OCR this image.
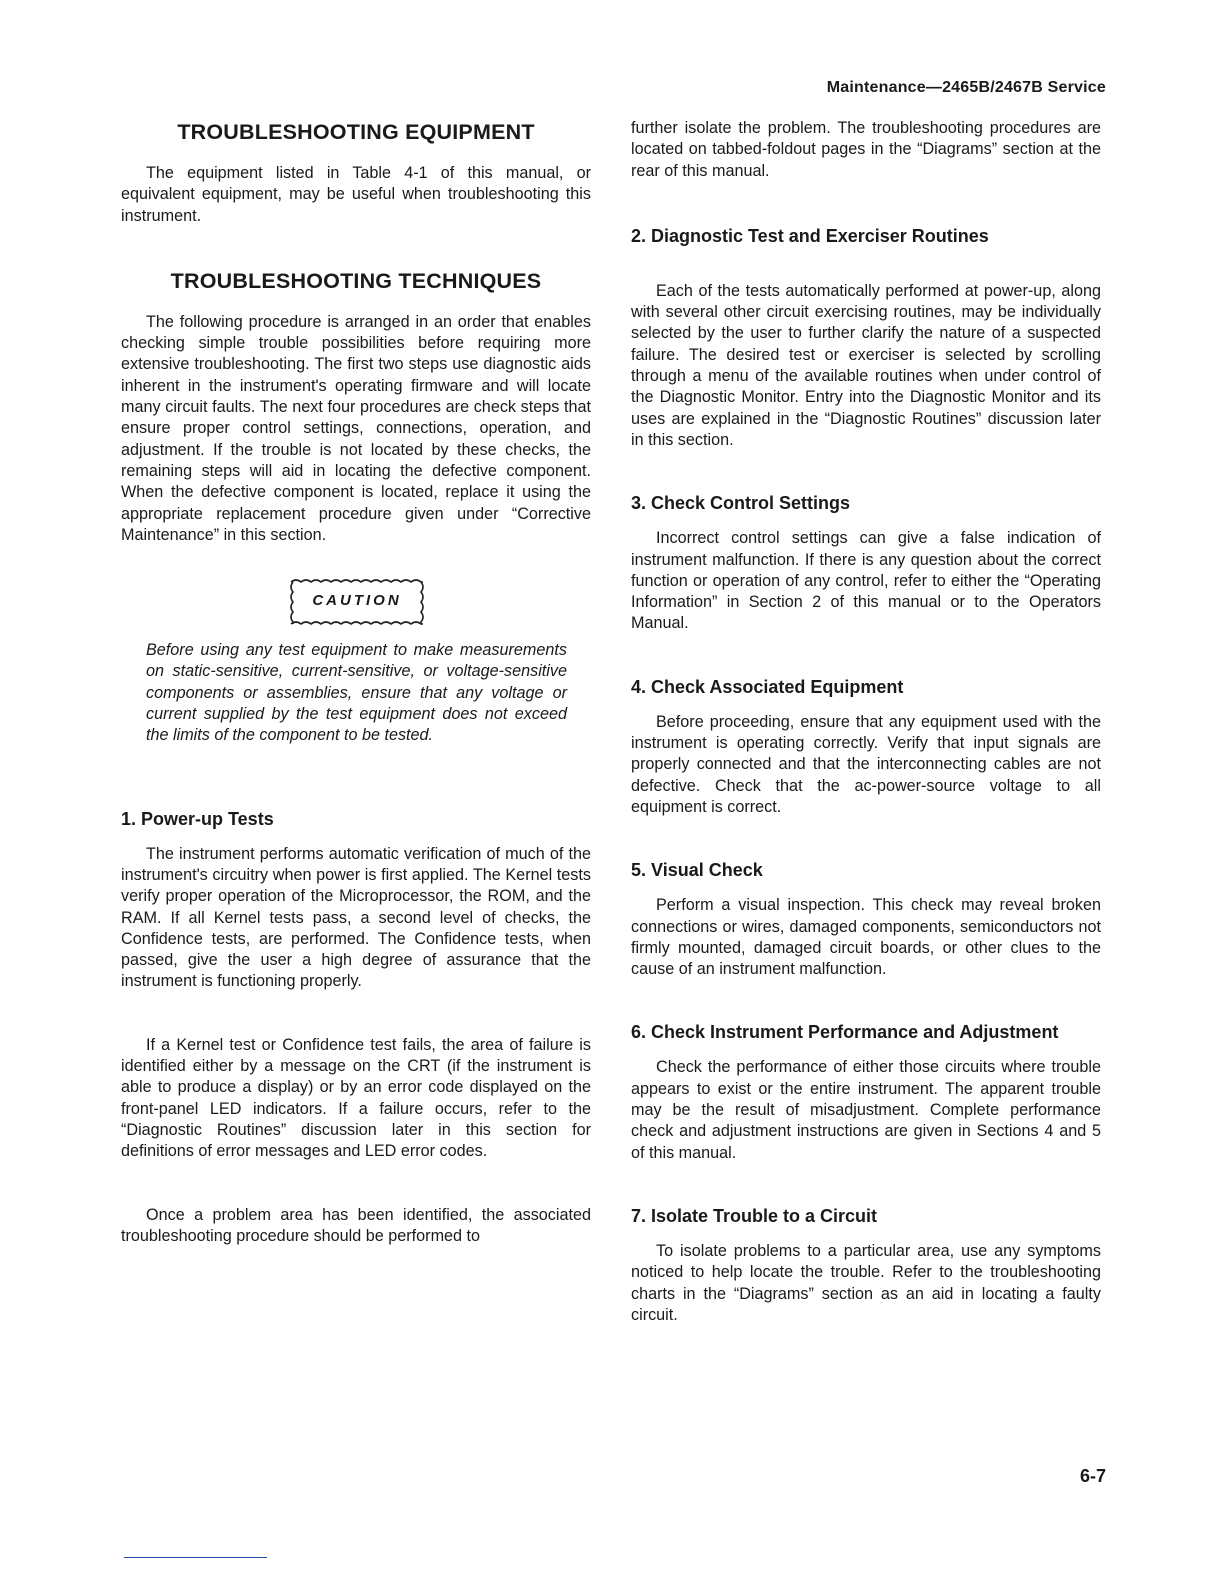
Maintenance—2465B/2467B Service
TROUBLESHOOTING EQUIPMENT

The equipment listed in Table 4-1 of this manual, or equivalent equipment, may be useful when troubleshooting this instrument.

TROUBLESHOOTING TECHNIQUES

The following procedure is arranged in an order that enables checking simple trouble possibilities before requiring more extensive troubleshooting. The first two steps use diagnostic aids inherent in the instrument's operating firmware and will locate many circuit faults. The next four procedures are check steps that ensure proper control settings, connections, operation, and adjustment. If the trouble is not located by these checks, the remaining steps will aid in locating the defective component. When the defective component is located, replace it using the appropriate replacement procedure given under “Corrective Maintenance” in this section.

CAUTION
Before using any test equipment to make measurements on static-sensitive, current-sensitive, or voltage-sensitive components or assemblies, ensure that any voltage or current supplied by the test equipment does not exceed the limits of the component to be tested.
1. Power-up Tests

The instrument performs automatic verification of much of the instrument's circuitry when power is first applied. The Kernel tests verify proper operation of the Microprocessor, the ROM, and the RAM. If all Kernel tests pass, a second level of checks, the Confidence tests, are performed. The Confidence tests, when passed, give the user a high degree of assurance that the instrument is functioning properly.

If a Kernel test or Confidence test fails, the area of failure is identified either by a message on the CRT (if the instrument is able to produce a display) or by an error code displayed on the front-panel LED indicators. If a failure occurs, refer to the “Diagnostic Routines” discussion later in this section for definitions of error messages and LED error codes.

Once a problem area has been identified, the associated troubleshooting procedure should be performed to

further isolate the problem. The troubleshooting procedures are located on tabbed-foldout pages in the “Diagrams” section at the rear of this manual.

2. Diagnostic Test and Exerciser Routines

Each of the tests automatically performed at power-up, along with several other circuit exercising routines, may be individually selected by the user to further clarify the nature of a suspected failure. The desired test or exerciser is selected by scrolling through a menu of the available routines when under control of the Diagnostic Monitor. Entry into the Diagnostic Monitor and its uses are explained in the “Diagnostic Routines” discussion later in this section.

3. Check Control Settings

Incorrect control settings can give a false indication of instrument malfunction. If there is any question about the correct function or operation of any control, refer to either the “Operating Information” in Section 2 of this manual or to the Operators Manual.

4. Check Associated Equipment

Before proceeding, ensure that any equipment used with the instrument is operating correctly. Verify that input signals are properly connected and that the interconnecting cables are not defective. Check that the ac-power-source voltage to all equipment is correct.

5. Visual Check

Perform a visual inspection. This check may reveal broken connections or wires, damaged components, semiconductors not firmly mounted, damaged circuit boards, or other clues to the cause of an instrument malfunction.

6. Check Instrument Performance and Adjustment

Check the performance of either those circuits where trouble appears to exist or the entire instrument. The apparent trouble may be the result of misadjustment. Complete performance check and adjustment instructions are given in Sections 4 and 5 of this manual.

7. Isolate Trouble to a Circuit

To isolate problems to a particular area, use any symptoms noticed to help locate the trouble. Refer to the troubleshooting charts in the “Diagrams” section as an aid in locating a faulty circuit.

6-7
